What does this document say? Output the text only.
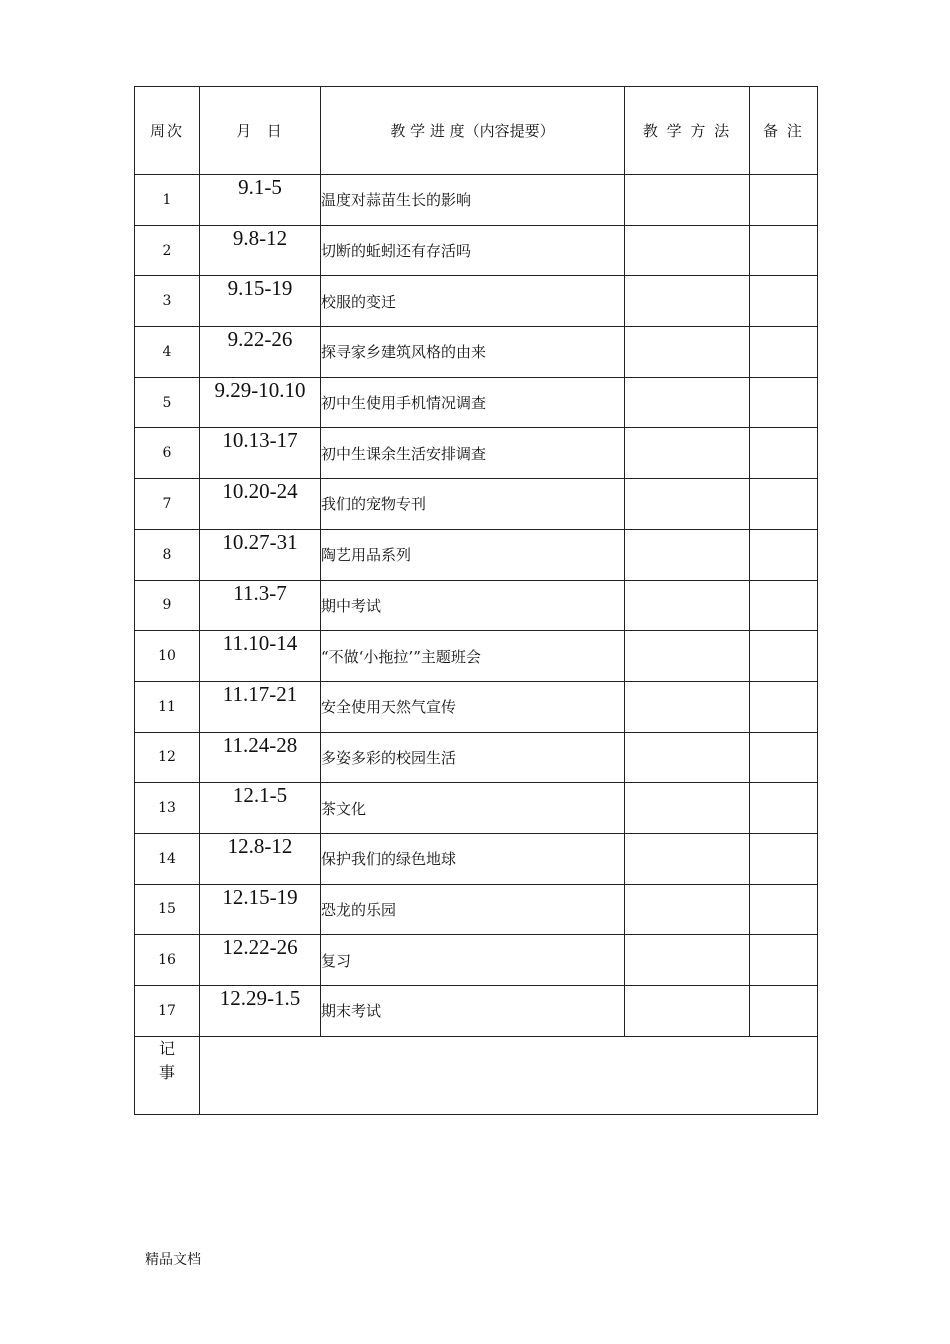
周次	月  日	教 学 进 度（内容提要）	教 学 方 法	备 注
1	9.1-5	温度对蒜苗生长的影响		
2	9.8-12	切断的蚯蚓还有存活吗		
3	9.15-19	校服的变迁		
4	9.22-26	探寻家乡建筑风格的由来		
5	9.29-10.10	初中生使用手机情况调查		
6	10.13-17	初中生课余生活安排调查		
7	10.20-24	我们的宠物专刊		
8	10.27-31	陶艺用品系列		
9	11.3-7	期中考试		
10	11.10-14	“不做‘小拖拉’”主题班会		
11	11.17-21	安全使用天然气宣传		
12	11.24-28	多姿多彩的校园生活		
13	12.1-5	茶文化		
14	12.8-12	保护我们的绿色地球		
15	12.15-19	恐龙的乐园		
16	12.22-26	复习		
17	12.29-1.5	期末考试		

记
事				

精品文档
